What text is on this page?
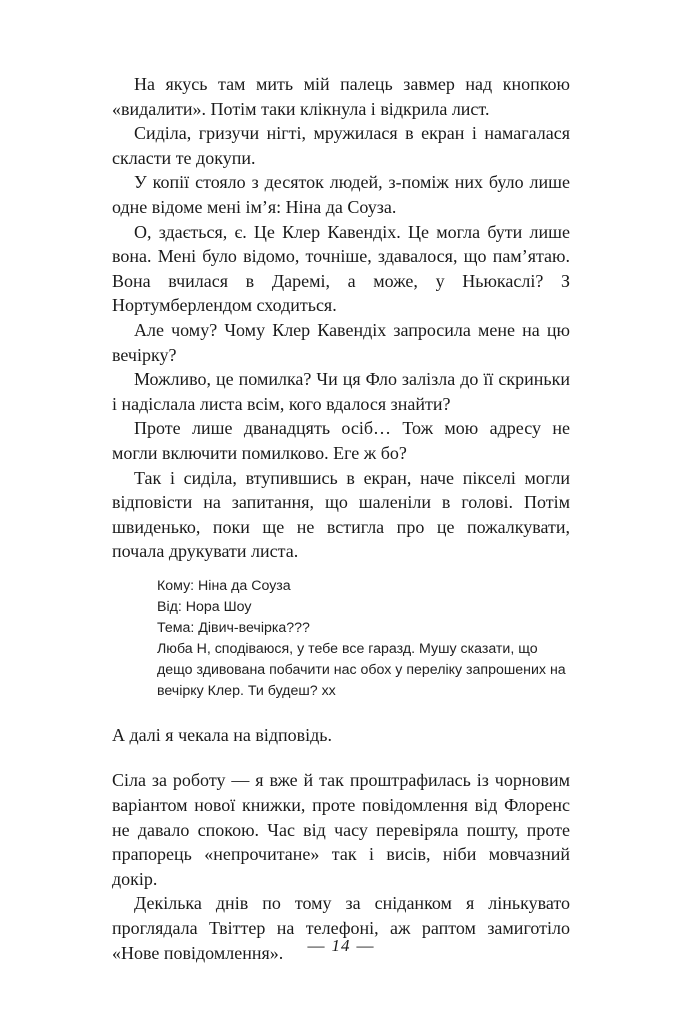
На якусь там мить мій палець завмер над кнопкою «видалити». Потім таки клікнула і відкрила лист.

Сиділа, гризучи нігті, мружилася в екран і намагалася скласти те докупи.

У копії стояло з десяток людей, з-поміж них було лише одне відоме мені ім’я: Ніна да Соуза.

О, здається, є. Це Клер Кавендіх. Це могла бути лише вона. Мені було відомо, точніше, здавалося, що пам’ятаю. Вона вчилася в Даремі, а може, у Ньюкаслі? З Нортумберлендом сходиться.

Але чому? Чому Клер Кавендіх запросила мене на цю вечірку?

Можливо, це помилка? Чи ця Фло залізла до її скриньки і надіслала листа всім, кого вдалося знайти?

Проте лише дванадцять осіб… Тож мою адресу не могли включити помилково. Еге ж бо?

Так і сиділа, втупившись в екран, наче пікселі могли відповісти на запитання, що шаленіли в голові. Потім швиденько, поки ще не встигла про це пожалкувати, почала друкувати листа.

Кому: Ніна да Соуза
Від: Нора Шоу
Тема: Дівич-вечірка???
Люба Н, сподіваюся, у тебе все гаразд. Мушу сказати, що дещо здивована побачити нас обох у переліку запрошених на вечірку Клер. Ти будеш? xx

А далі я чекала на відповідь.

Сіла за роботу — я вже й так проштрафилась із чорновим варіантом нової книжки, проте повідомлення від Флоренс не давало спокою. Час від часу перевіряла пошту, проте прапорець «непрочитане» так і висів, ніби мовчазний докір.

Декілька днів по тому за сніданком я лінькувато проглядала Твіттер на телефоні, аж раптом замиготіло «Нове повідомлення».	— 14 —
